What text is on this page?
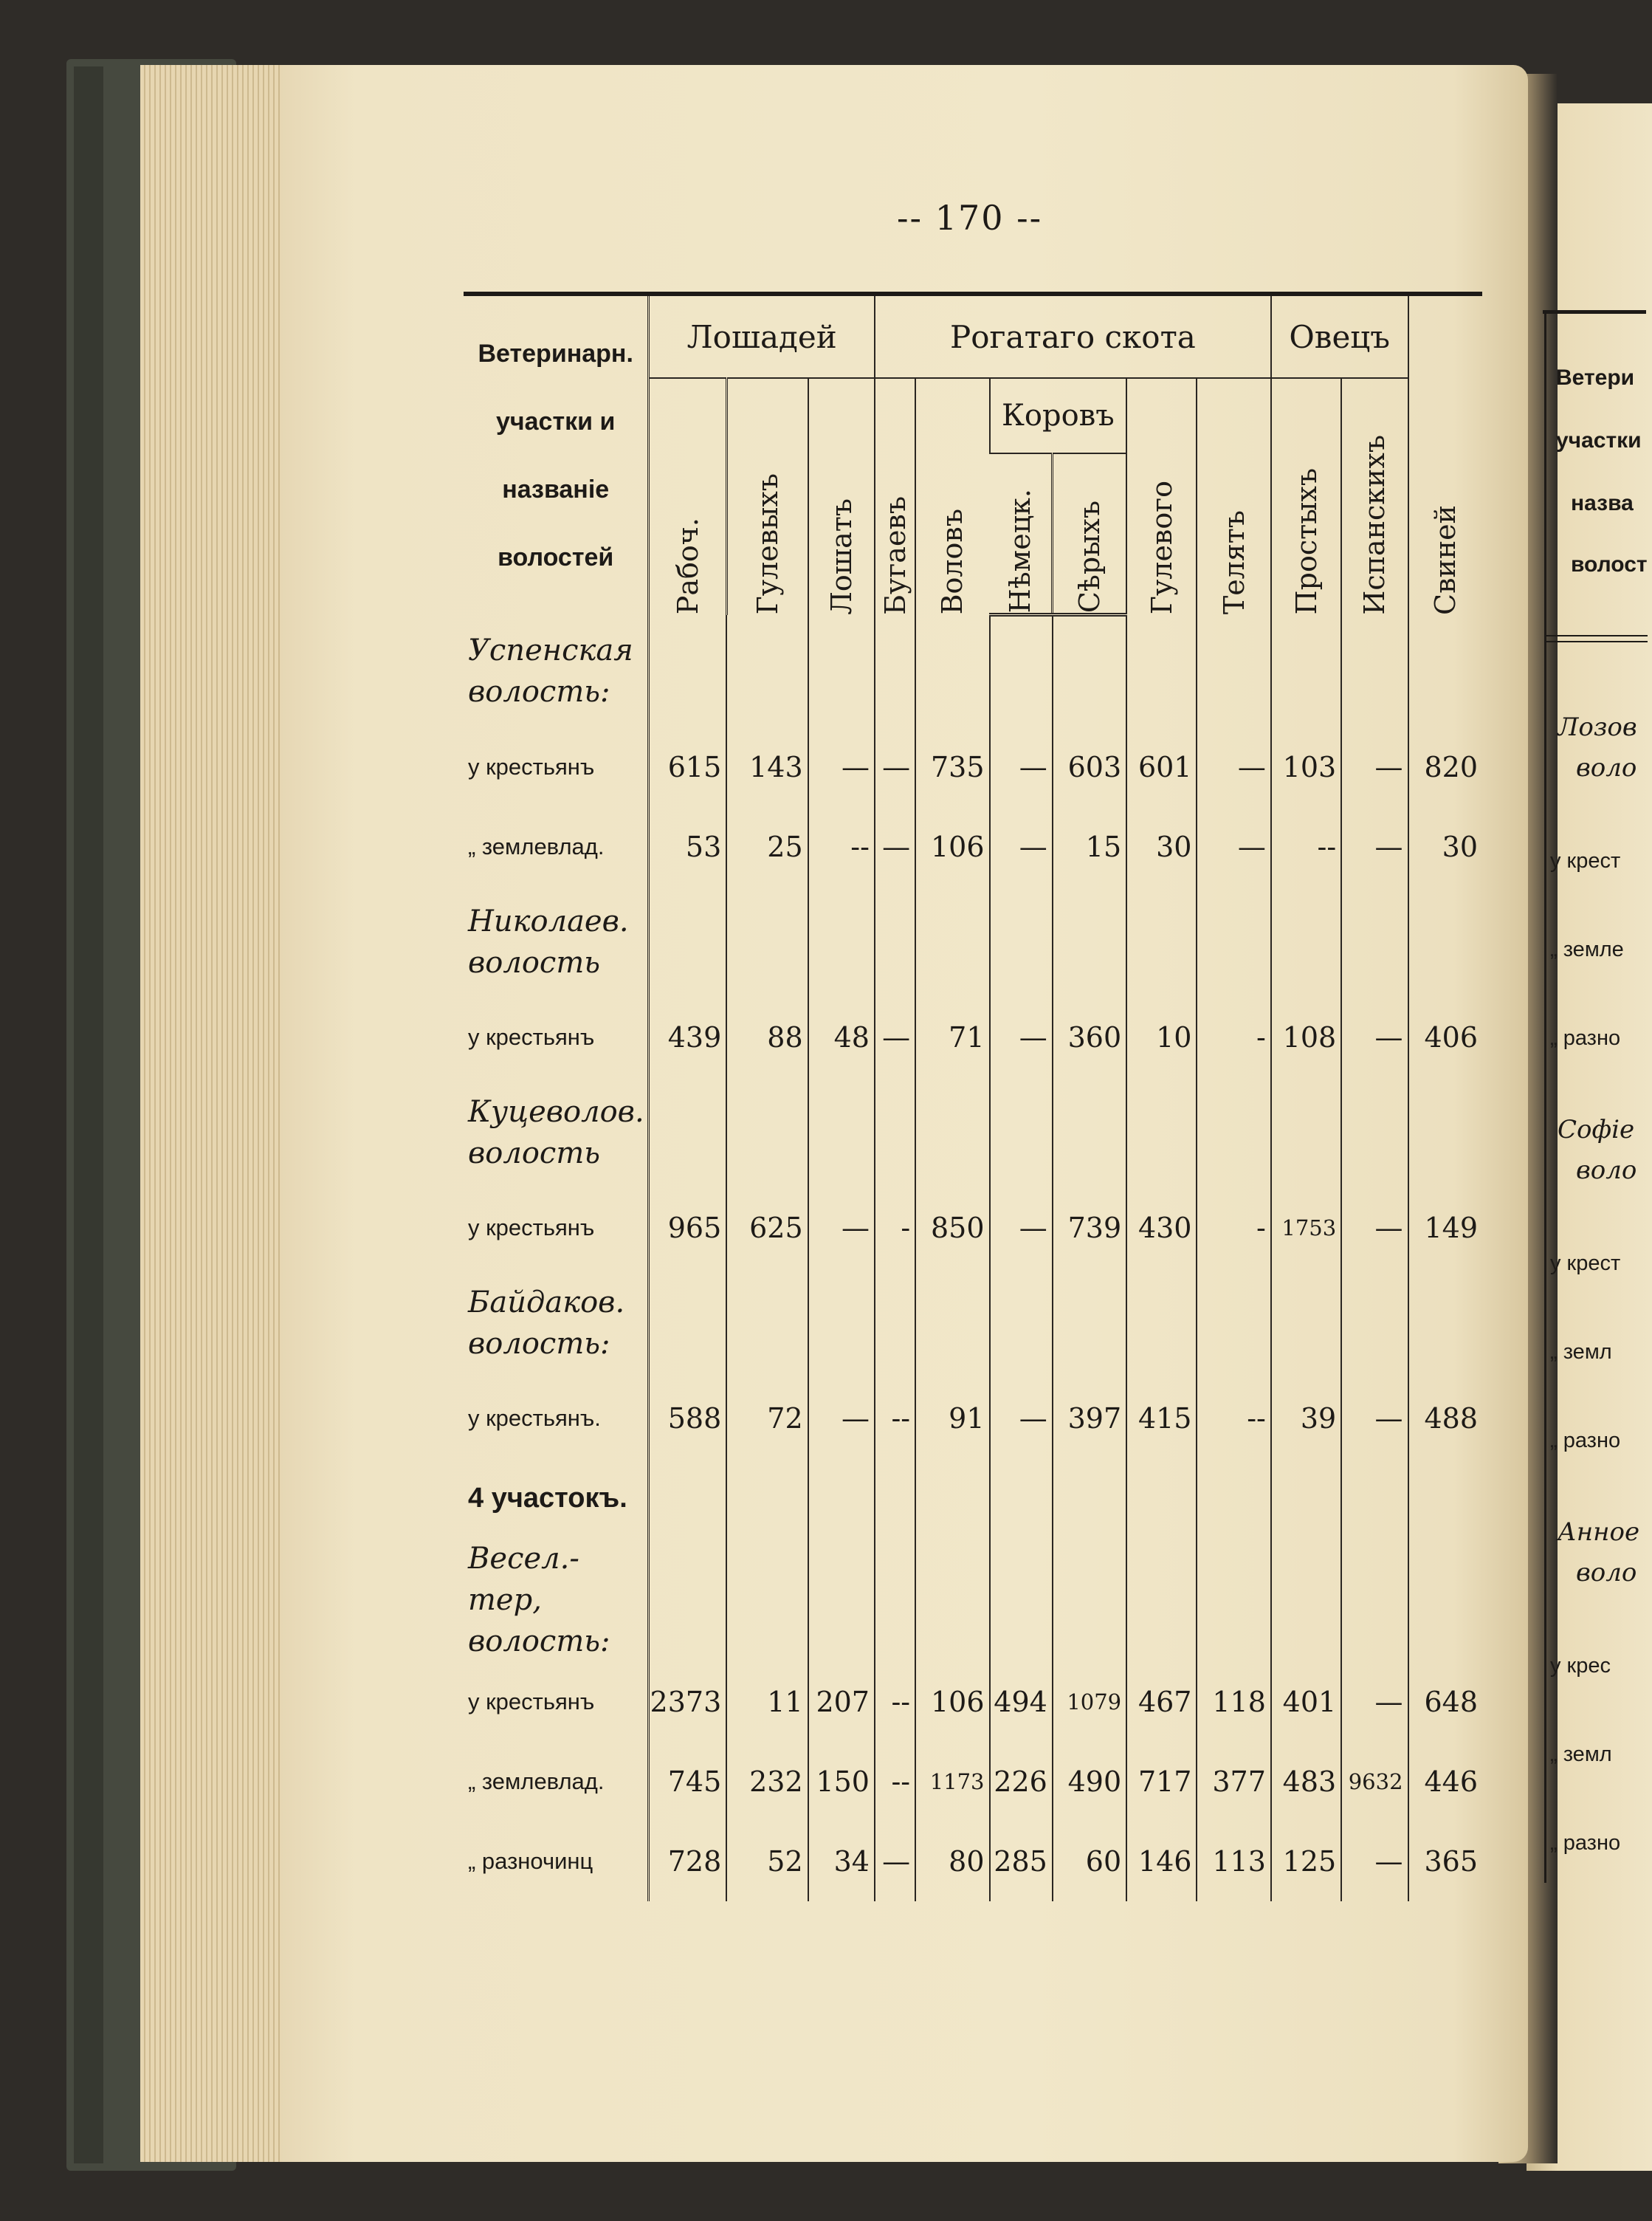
-- 170 --
Ветеринарн.
участки и
названіе
волостей	Лошадей			Рогатаго скота						Овецъ		Свиней

	Рабоч.	Гулевыхъ	Лошатъ	Бугаевъ	Воловъ	Коровъ		Гулевого	Телятъ	Простыхъ	Испанскихъ	

						Нѣмецк.	Сѣрыхъ					

Успенская
волость:												

у крестьянъ	615	143	—	—	735	—	603	601	—	103	—	820
„ землевлад.	53	25	--	—	106	—	15	30	—	--	—	30

Николаев.
волость												

у крестьянъ	439	88	48	—	71	—	360	10	-	108	—	406

Куцеволов.
волость												

у крестьянъ	965	625	—	-	850	—	739	430	-	1753	—	149

Байдаков.
волость:												

у крестьянъ.	588	72	—	--	91	—	397	415	--	39	—	488
4 участокъ.												

Весел.-тер,
волость:												

у крестьянъ	2373	11	207	--	106	494	1079	467	118	401	—	648
„ землевлад.	745	232	150	--	1173	226	490	717	377	483	9632	446
„ разночинц	728	52	34	—	80	285	60	146	113	125	—	365
Ветери
участки
назва
волост
Лозов
воло
у крест
„ земле
„ разно
Софіе
воло
у крест
„ земл
„ разно
Анное
воло
у крес
„ земл
„ разно
